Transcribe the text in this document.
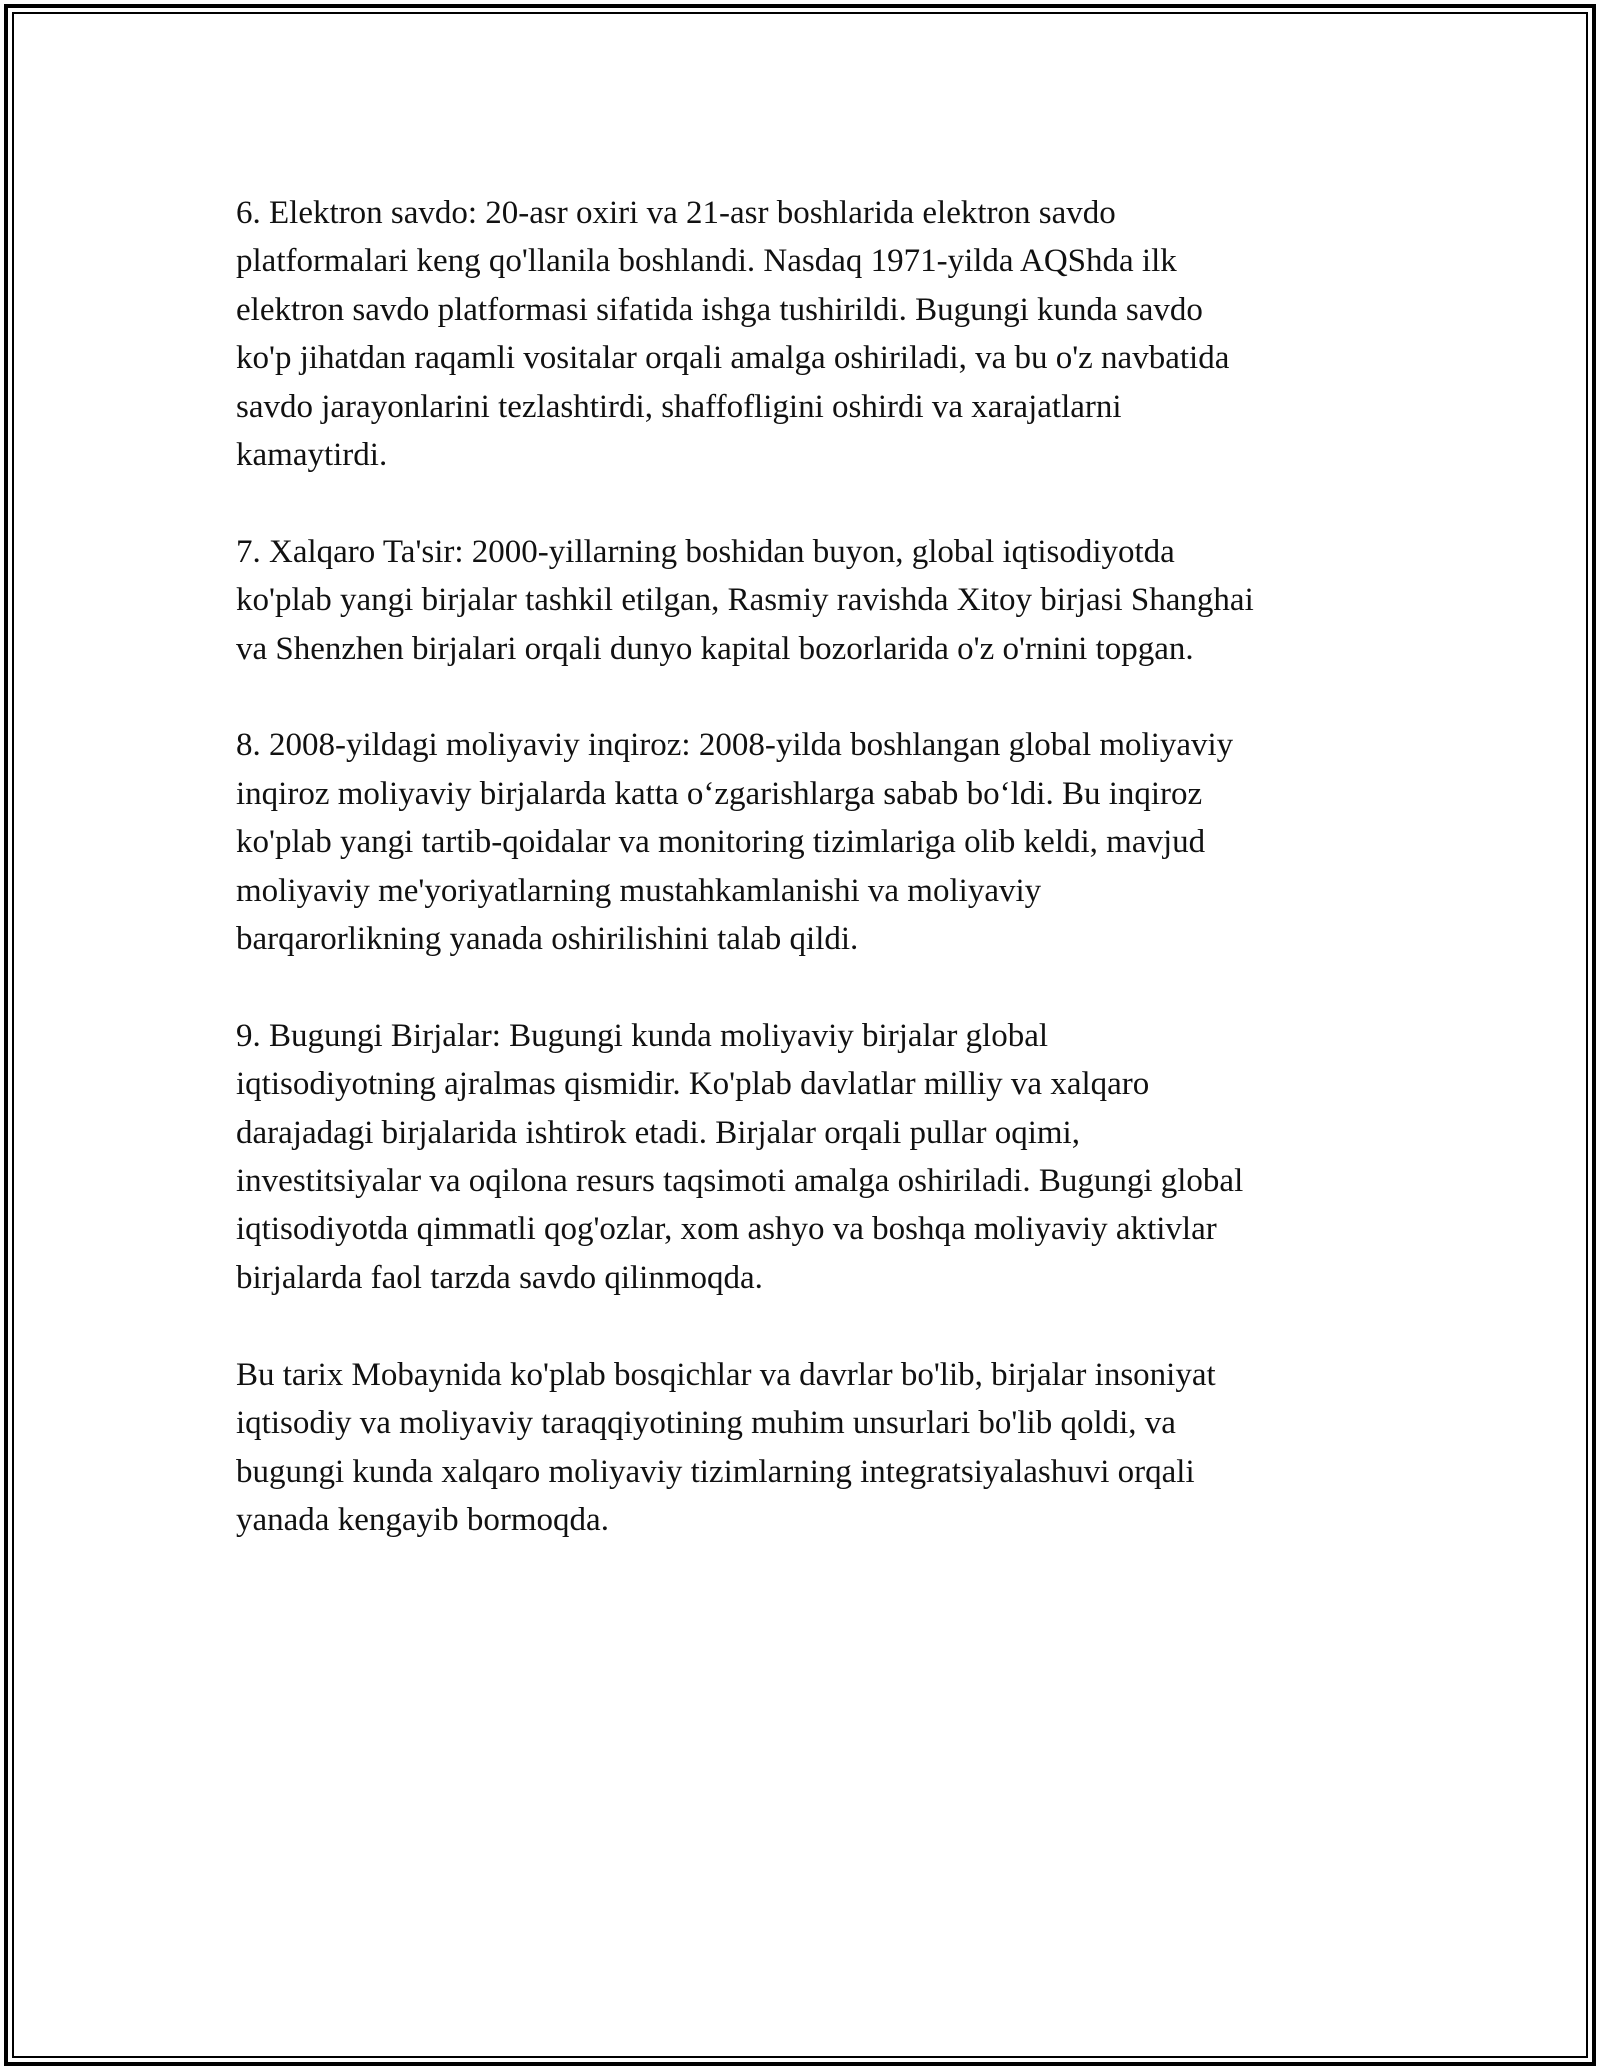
6. Elektron savdo: 20-asr oxiri va 21-asr boshlarida elektron savdo
platformalari keng qo'llanila boshlandi. Nasdaq 1971-yilda AQShda ilk
elektron savdo platformasi sifatida ishga tushirildi. Bugungi kunda savdo
ko'p jihatdan raqamli vositalar orqali amalga oshiriladi, va bu o'z navbatida
savdo jarayonlarini tezlashtirdi, shaffofligini oshirdi va xarajatlarni
kamaytirdi.

7. Xalqaro Ta'sir: 2000-yillarning boshidan buyon, global iqtisodiyotda
ko'plab yangi birjalar tashkil etilgan, Rasmiy ravishda Xitoy birjasi Shanghai
va Shenzhen birjalari orqali dunyo kapital bozorlarida o'z o'rnini topgan.

8. 2008-yildagi moliyaviy inqiroz: 2008-yilda boshlangan global moliyaviy
inqiroz moliyaviy birjalarda katta o‘zgarishlarga sabab bo‘ldi. Bu inqiroz
ko'plab yangi tartib-qoidalar va monitoring tizimlariga olib keldi, mavjud
moliyaviy me'yoriyatlarning mustahkamlanishi va moliyaviy
barqarorlikning yanada oshirilishini talab qildi.

9. Bugungi Birjalar: Bugungi kunda moliyaviy birjalar global
iqtisodiyotning ajralmas qismidir. Ko'plab davlatlar milliy va xalqaro
darajadagi birjalarida ishtirok etadi. Birjalar orqali pullar oqimi,
investitsiyalar va oqilona resurs taqsimoti amalga oshiriladi. Bugungi global
iqtisodiyotda qimmatli qog'ozlar, xom ashyo va boshqa moliyaviy aktivlar
birjalarda faol tarzda savdo qilinmoqda.

Bu tarix Mobaynida ko'plab bosqichlar va davrlar bo'lib, birjalar insoniyat
iqtisodiy va moliyaviy taraqqiyotining muhim unsurlari bo'lib qoldi, va
bugungi kunda xalqaro moliyaviy tizimlarning integratsiyalashuvi orqali
yanada kengayib bormoqda.
